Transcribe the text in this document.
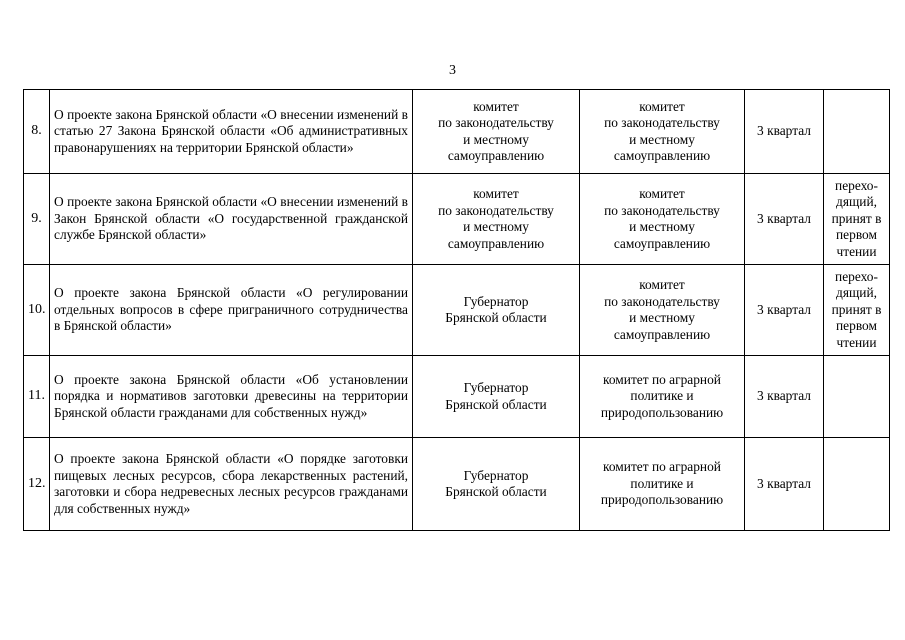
3
8.	О проекте закона Брянской области «О внесении изменений в статью 27 Закона Брянской области «Об административных правонарушениях на территории Брянской области»	комитет
по законодательству
и местному
самоуправлению	комитет
по законодательству
и местному
самоуправлению	3 квартал	
9.	О проекте закона Брянской области «О внесении изменений в Закон Брянской области «О государственной гражданской службе Брянской области»	комитет
по законодательству
и местному
самоуправлению	комитет
по законодательству
и местному
самоуправлению	3 квартал	перехо-
дящий,
принят в
первом
чтении

10.	О проекте закона Брянской области «О регулировании отдельных вопросов в сфере приграничного сотрудничества в Брянской области»	Губернатор
Брянской области	комитет
по законодательству
и местному
самоуправлению	3 квартал	перехо-
дящий,
принят в
первом
чтении

11.	О проекте закона Брянской области «Об установлении порядка и нормативов заготовки древесины на территории Брянской области гражданами для собственных нужд»	Губернатор
Брянской области	комитет по аграрной
политике и
природопользованию	3 квартал	
12.	О проекте закона Брянской области «О порядке заготовки пищевых лесных ресурсов, сбора лекарственных растений, заготовки и сбора недревесных лесных ресурсов гражданами для собственных нужд»	Губернатор
Брянской области	комитет по аграрной
политике и
природопользованию	3 квартал	
